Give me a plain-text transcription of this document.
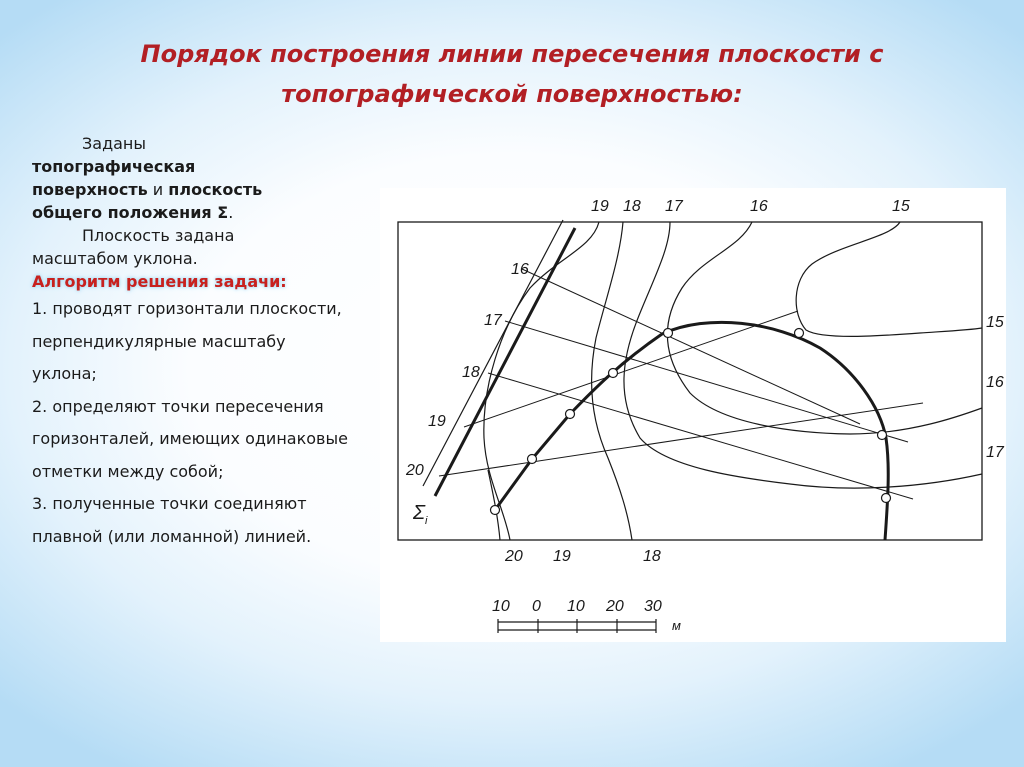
Порядок построения линии пересечения плоскости с
топографической поверхностью:

Заданы

топографическая
поверхность и плоскость
общего положения Σ.

Плоскость задана

масштабом уклона.

Алгоритм решения задачи:

1. проводят горизонтали плоскости, перпендикулярные масштабу уклона;

2. определяют точки пересечения горизонталей, имеющих одинаковые отметки между собой;

3. полученные точки соединяют плавной (или ломанной) линией.

19 18 17	16	15
15
16
17
20 19	18
20
19
18
17
16
$\Sigma_i$
10 0 10 20 30
м
